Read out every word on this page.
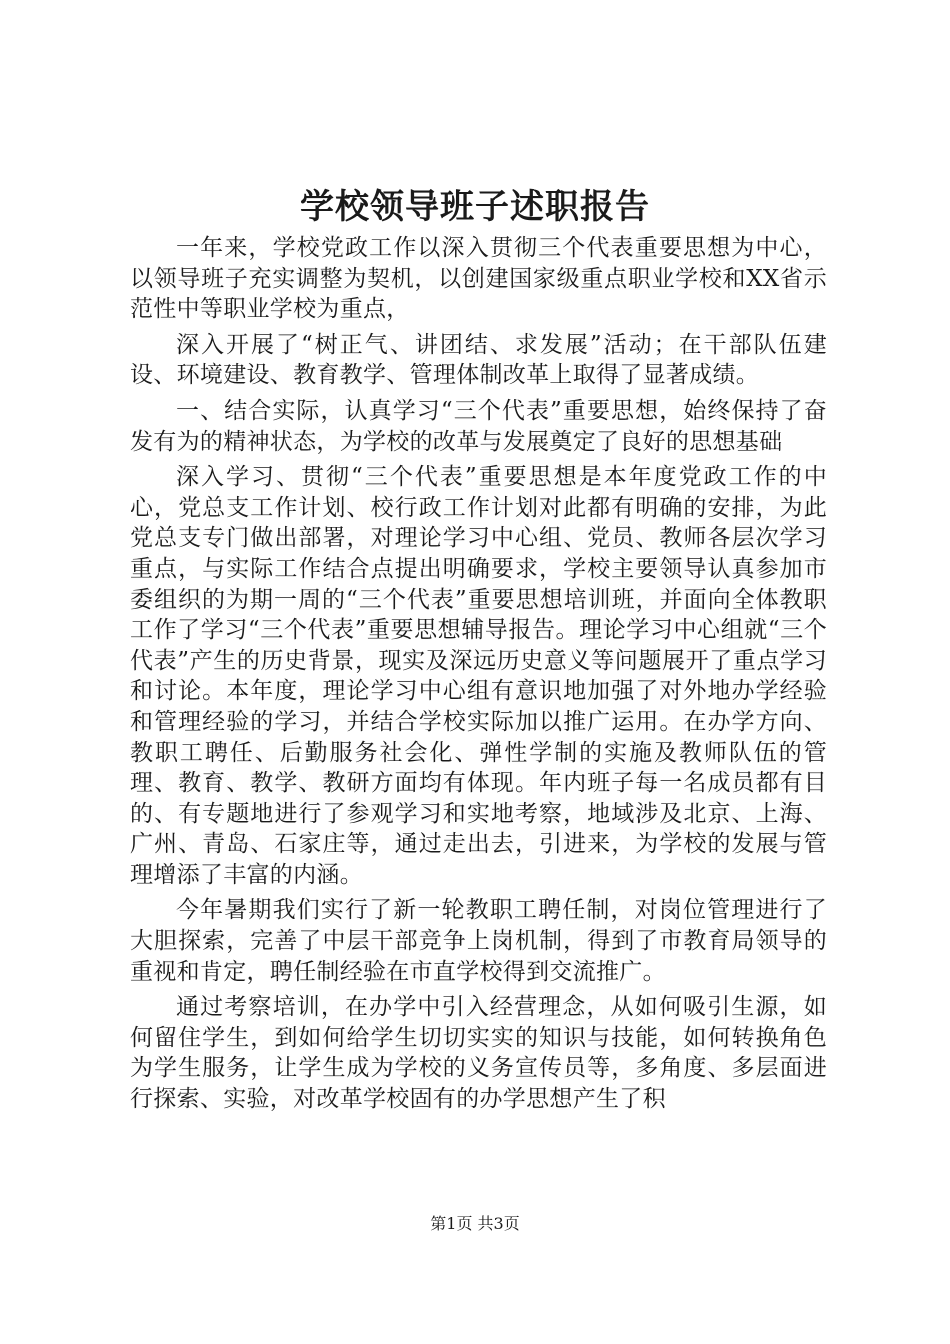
学校领导班子述职报告

一年来，学校党政工作以深入贯彻三个代表重要思想为中心，以领导班子充实调整为契机，以创建国家级重点职业学校和XX省示范性中等职业学校为重点，

深入开展了“树正气、讲团结、求发展”活动；在干部队伍建设、环境建设、教育教学、管理体制改革上取得了显著成绩。

一、结合实际，认真学习“三个代表”重要思想，始终保持了奋发有为的精神状态，为学校的改革与发展奠定了良好的思想基础

深入学习、贯彻“三个代表”重要思想是本年度党政工作的中心，党总支工作计划、校行政工作计划对此都有明确的安排，为此党总支专门做出部署，对理论学习中心组、党员、教师各层次学习重点，与实际工作结合点提出明确要求，学校主要领导认真参加市委组织的为期一周的“三个代表”重要思想培训班，并面向全体教职工作了学习“三个代表”重要思想辅导报告。理论学习中心组就“三个代表”产生的历史背景，现实及深远历史意义等问题展开了重点学习和讨论。本年度，理论学习中心组有意识地加强了对外地办学经验和管理经验的学习，并结合学校实际加以推广运用。在办学方向、教职工聘任、后勤服务社会化、弹性学制的实施及教师队伍的管理、教育、教学、教研方面均有体现。年内班子每一名成员都有目的、有专题地进行了参观学习和实地考察，地域涉及北京、上海、广州、青岛、石家庄等，通过走出去，引进来，为学校的发展与管理增添了丰富的内涵。

今年暑期我们实行了新一轮教职工聘任制，对岗位管理进行了大胆探索，完善了中层干部竞争上岗机制，得到了市教育局领导的重视和肯定，聘任制经验在市直学校得到交流推广。

通过考察培训，在办学中引入经营理念，从如何吸引生源，如何留住学生，到如何给学生切切实实的知识与技能，如何转换角色为学生服务，让学生成为学校的义务宣传员等，多角度、多层面进行探索、实验，对改革学校固有的办学思想产生了积

第1页 共3页
